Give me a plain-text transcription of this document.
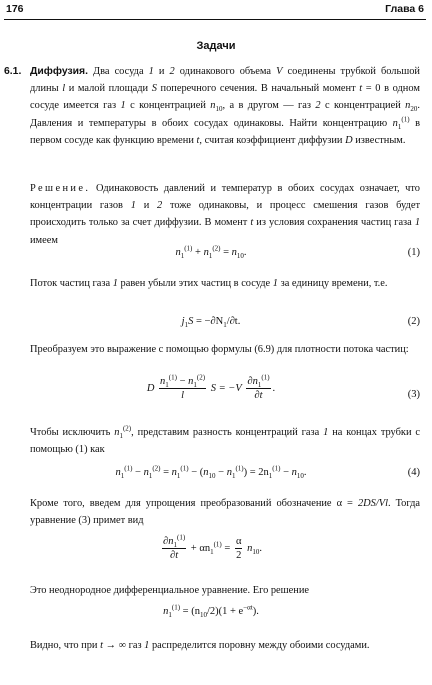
176	Глава 6
Задачи
6.1. Диффузия. Два сосуда 1 и 2 одинакового объема V соединены трубкой большой длины l и малой площади S поперечного сечения. В начальный момент t = 0 в одном сосуде имеется газ 1 с концентрацией $n_{10}$, а в другом — газ 2 с концентрацией $n_{20}$. Давления и температуры в обоих сосудах одинаковы. Найти концентрацию $n_1^{(1)}$ в первом сосуде как функцию времени t, считая коэффициент диффузии D известным.
Решение. Одинаковость давлений и температур в обоих сосудах означает, что концентрации газов 1 и 2 тоже одинаковы, и процесс смешения газов будет происходить только за счет диффузии. В момент t из условия сохранения частиц газа 1 имеем
$n_1^{(1)} + n_1^{(2)} = n_{10}$.	(1)
Поток частиц газа 1 равен убыли этих частиц в сосуде 1 за единицу времени, т.е.
$j_1S = -\partial N_1/\partial t$.	(2)
Преобразуем это выражение с помощью формулы (6.9) для плотности потока частиц:
D $\frac{n_1^{(1)} - n_1^{(2)}}{l}$ $S = -V \frac{\partial n_1^{(1)}}{\partial t}$ .
(3)
Чтобы исключить $n_1^{(2)}$, представим разность концентраций газа 1 на концах трубки с помощью (1) как
$n_1^{(1)} - n_1^{(2)} = n_1^{(1)} - (n_{10} - n_1^{(1)}) = 2n_1^{(1)} - n_{10}$.	(4)
Кроме того, введем для упрощения преобразований обозначение α = 2DS/Vl. Тогда уравнение (3) примет вид
$\frac{\partial n_1^{(1)}}{\partial t} + \alpha n_1^{(1)} = \frac{\alpha}{2} n_{10}$.
Это неоднородное дифференциальное уравнение. Его решение
$n_1^{(1)} = (n_{10}/2)(1 + e^{-\alpha t})$.
Видно, что при t → ∞ газ 1 распределится поровну между обоими сосудами.
